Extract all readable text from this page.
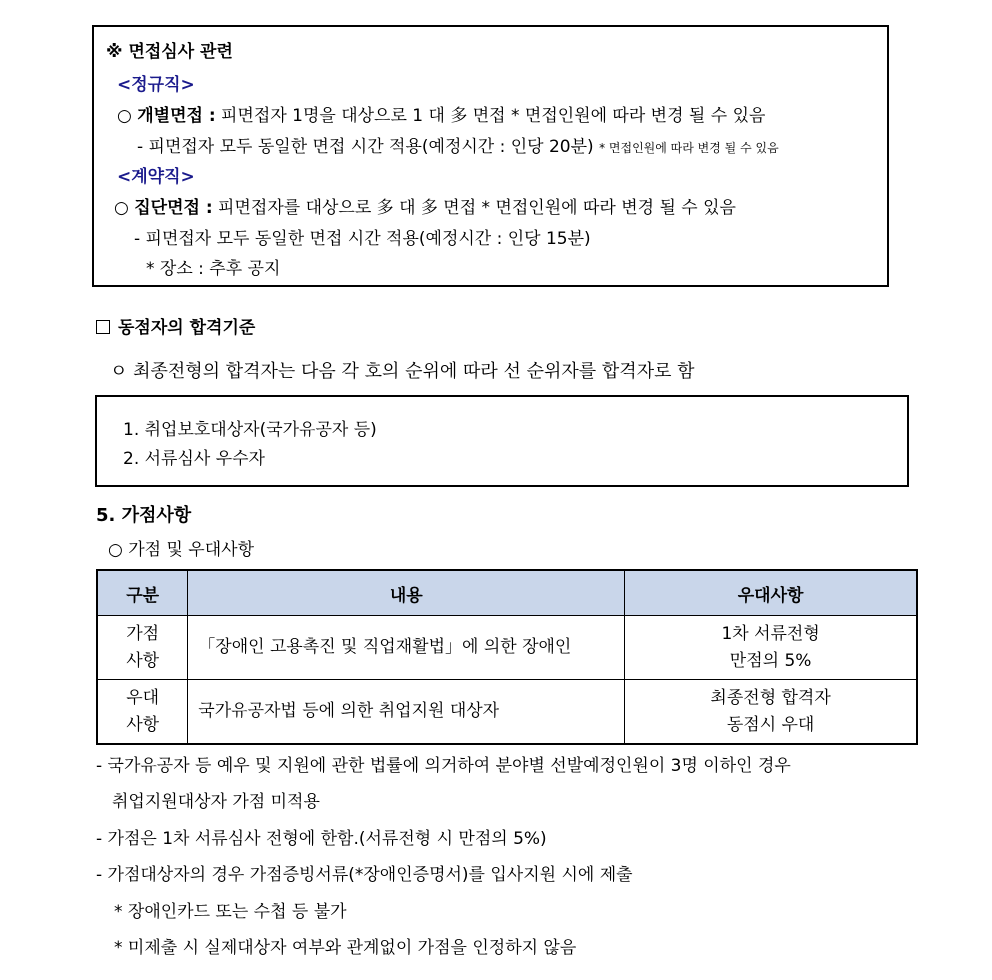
※ 면접심사 관련
<정규직>
○ 개별면접 : 피면접자 1명을 대상으로 1 대 多 면접 * 면접인원에 따라 변경 될 수 있음
- 피면접자 모두 동일한 면접 시간 적용(예정시간 : 인당 20분) * 면접인원에 따라 변경 될 수 있음
<계약직>
○ 집단면접 : 피면접자를 대상으로 多 대 多 면접 * 면접인원에 따라 변경 될 수 있음
- 피면접자 모두 동일한 면접 시간 적용(예정시간 : 인당 15분)
* 장소 : 추후 공지
동점자의 합격기준
ㅇ 최종전형의 합격자는 다음 각 호의 순위에 따라 선 순위자를 합격자로 함
1. 취업보호대상자(국가유공자 등)
2. 서류심사 우수자
5. 가점사항
○ 가점 및 우대사항
구분	내용	우대사항
가점
사항	「장애인 고용촉진 및 직업재활법」에 의한 장애인	1차 서류전형
만점의 5%
우대
사항	국가유공자법 등에 의한 취업지원 대상자	최종전형 합격자
동점시 우대
- 국가유공자 등 예우 및 지원에 관한 법률에 의거하여 분야별 선발예정인원이 3명 이하인 경우
취업지원대상자 가점 미적용
- 가점은 1차 서류심사 전형에 한함.(서류전형 시 만점의 5%)
- 가점대상자의 경우 가점증빙서류(*장애인증명서)를 입사지원 시에 제출
* 장애인카드 또는 수첩 등 불가
* 미제출 시 실제대상자 여부와 관계없이 가점을 인정하지 않음
